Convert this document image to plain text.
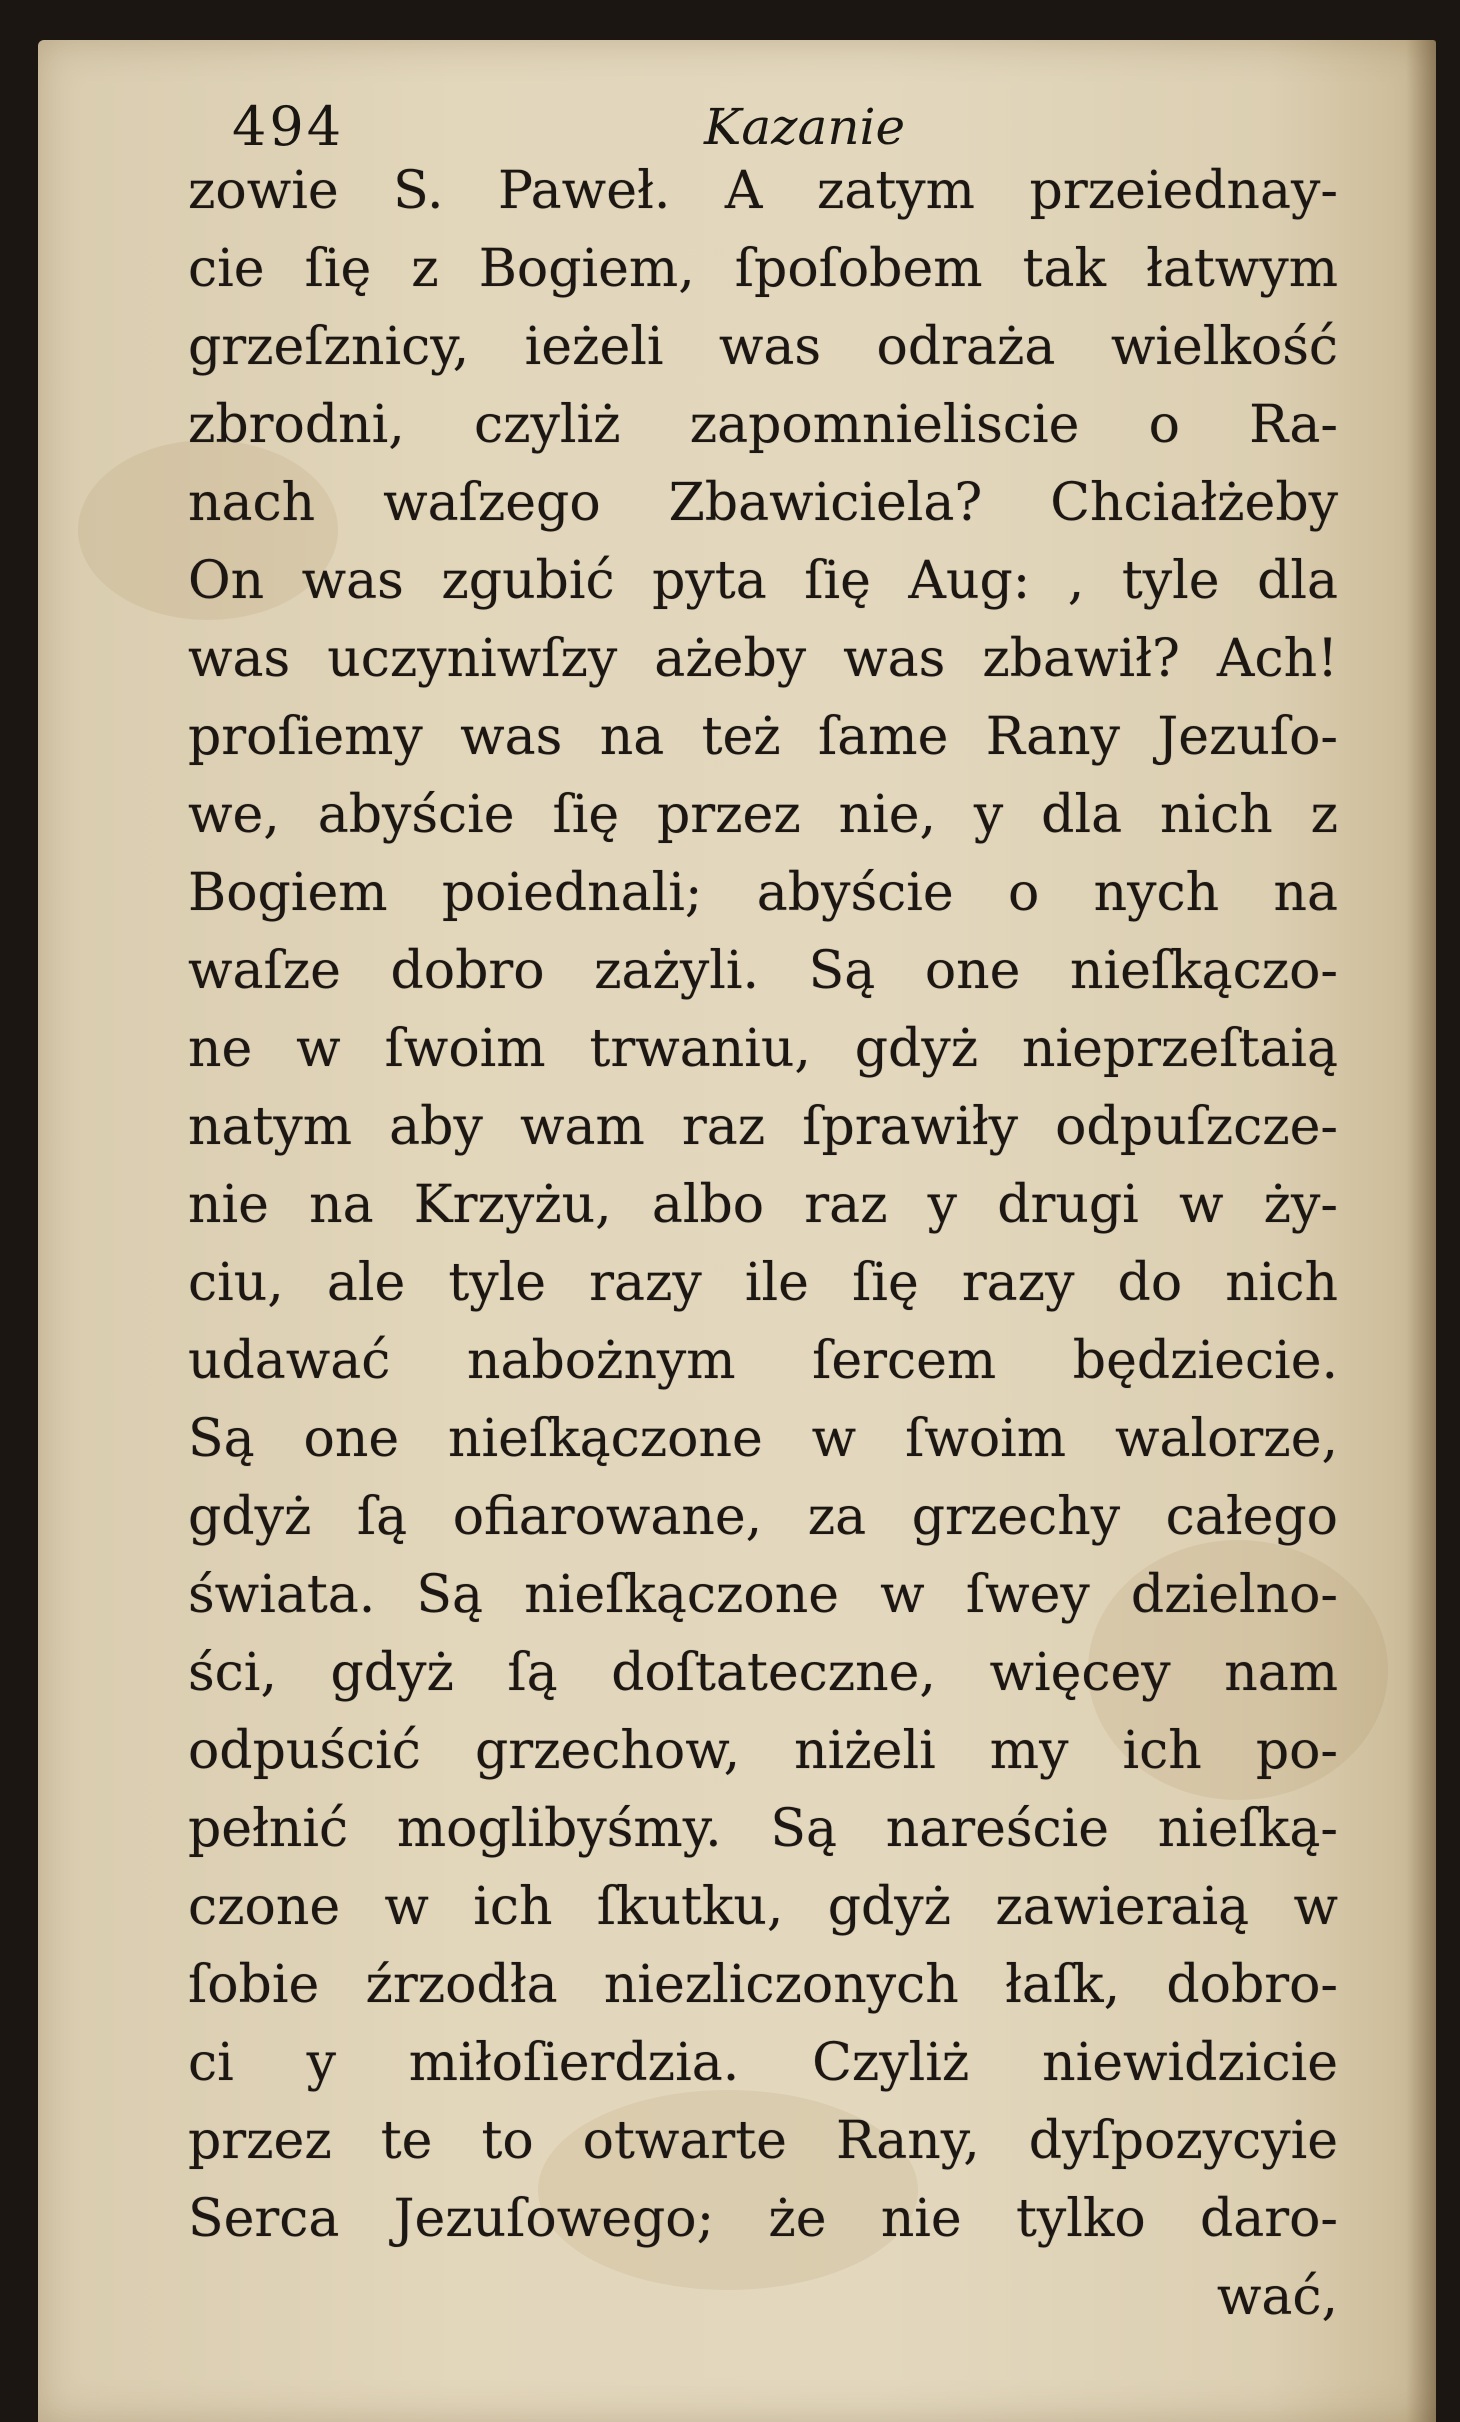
494	Kazanie
zowie S. Paweł. A zatym przeiednay-
cie ſię z Bogiem, ſpoſobem tak łatwym
grzeſznicy, ieżeli was odraża wielkość
zbrodni, czyliż zapomnieliscie o Ra-
nach waſzego Zbawiciela? Chciałżeby
On was zgubić pyta ſię Aug: , tyle dla
was uczyniwſzy ażeby was zbawił? Ach!
proſiemy was na też ſame Rany Jezuſo-
we, abyście ſię przez nie, y dla nich z
Bogiem poiednali; abyście o nych na
waſze dobro zażyli. Są one nieſkączo-
ne w ſwoim trwaniu, gdyż nieprzeſtaią
natym aby wam raz ſprawiły odpuſzcze-
nie na Krzyżu, albo raz y drugi w ży-
ciu, ale tyle razy ile ſię razy do nich
udawać nabożnym ſercem będziecie.
Są one nieſkączone w ſwoim walorze,
gdyż ſą ofiarowane, za grzechy całego
świata. Są nieſkączone w ſwey dzielno-
ści, gdyż ſą doſtateczne, więcey nam
odpuścić grzechow, niżeli my ich po-
pełnić moglibyśmy. Są nareście nieſką-
czone w ich ſkutku, gdyż zawieraią w
ſobie źrzodła niezliczonych łaſk, dobro-
ci y miłoſierdzia. Czyliż niewidzicie
przez te to otwarte Rany, dyſpozycyie
Serca Jezuſowego; że nie tylko daro-
wać,
